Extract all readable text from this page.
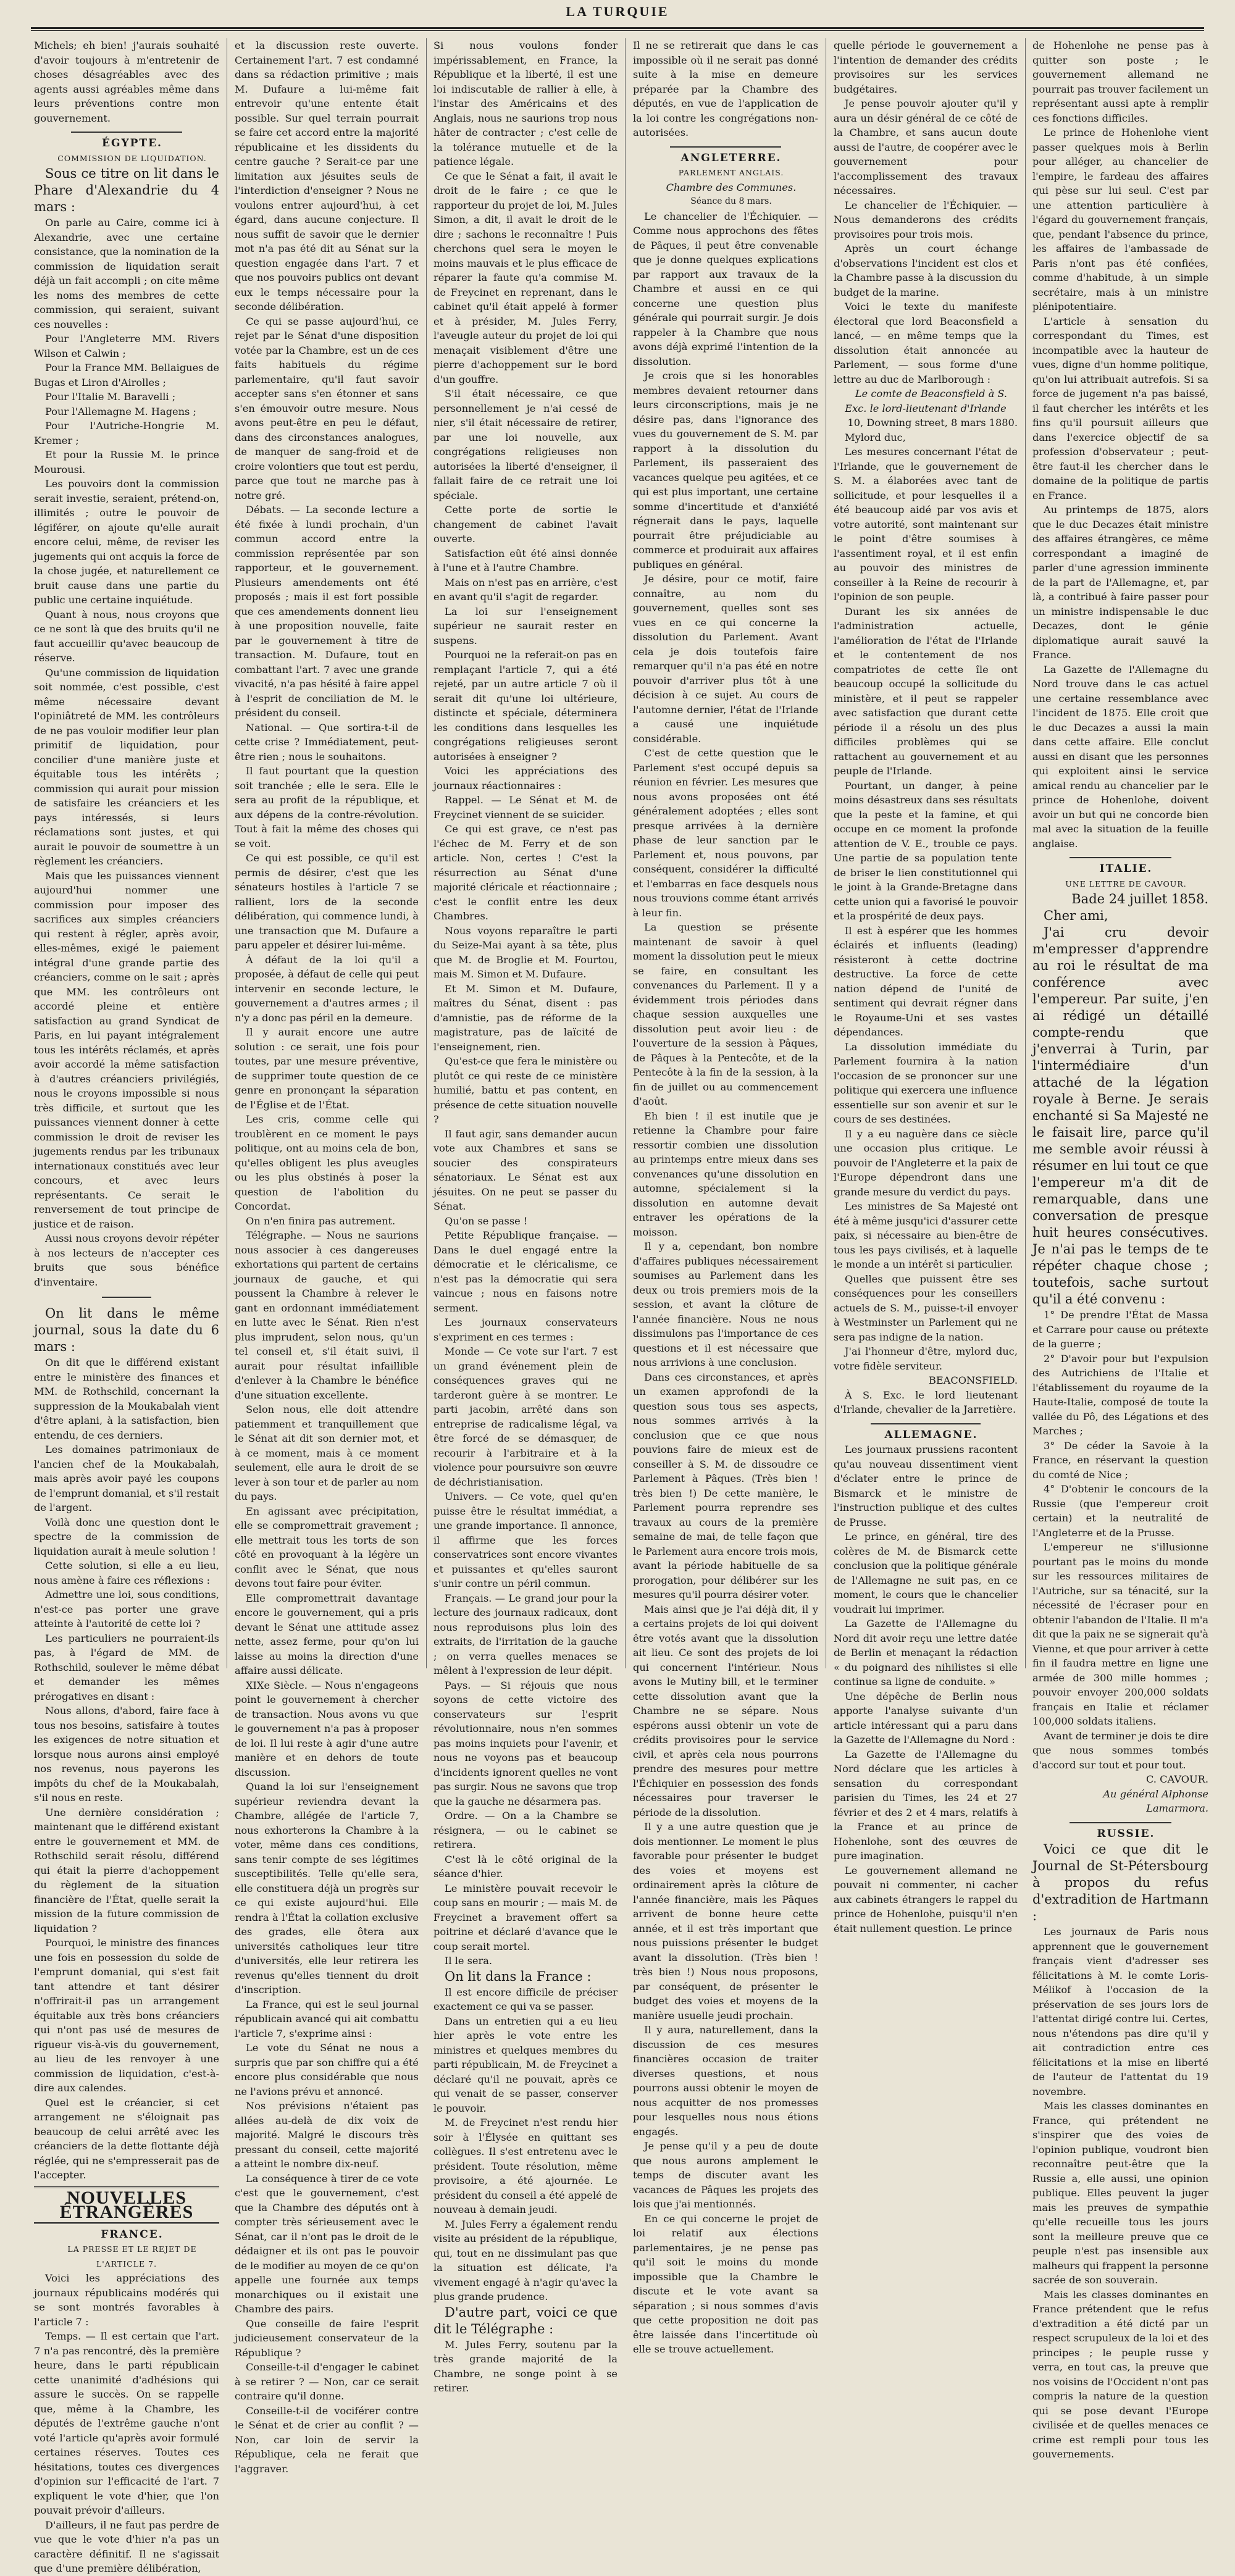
LA TURQUIE

Michels; eh bien! j'aurais souhaité d'avoir toujours à m'entretenir de choses désagréables avec des agents aussi agréables même dans leurs préventions contre mon gouvernement.

ÉGYPTE.

COMMISSION DE LIQUIDATION.

Sous ce titre on lit dans le Phare d'Alexandrie du 4 mars :

On parle au Caire, comme ici à Alexandrie, avec une certaine consistance, que la nomination de la commission de liquidation serait déjà un fait accompli ; on cite même les noms des membres de cette commission, qui seraient, suivant ces nouvelles :

Pour l'Angleterre MM. Rivers Wilson et Calwin ;

Pour la France MM. Bellaigues de Bugas et Liron d'Airolles ;

Pour l'Italie M. Baravelli ;

Pour l'Allemagne M. Hagens ;

Pour l'Autriche-Hongrie M. Kremer ;

Et pour la Russie M. le prince Mourousi.

Les pouvoirs dont la commission serait investie, seraient, prétend-on, illimités ; outre le pouvoir de légiférer, on ajoute qu'elle aurait encore celui, même, de reviser les jugements qui ont acquis la force de la chose jugée, et naturellement ce bruit cause dans une partie du public une certaine inquiétude.

Quant à nous, nous croyons que ce ne sont là que des bruits qu'il ne faut accueillir qu'avec beaucoup de réserve.

Qu'une commission de liquidation soit nommée, c'est possible, c'est même nécessaire devant l'opiniâtreté de MM. les contrôleurs de ne pas vouloir modifier leur plan primitif de liquidation, pour concilier d'une manière juste et équitable tous les intérêts ; commission qui aurait pour mission de satisfaire les créanciers et les pays intéressés, si leurs réclamations sont justes, et qui aurait le pouvoir de soumettre à un règlement les créanciers.

Mais que les puissances viennent aujourd'hui nommer une commission pour imposer des sacrifices aux simples créanciers qui restent à régler, après avoir, elles-mêmes, exigé le paiement intégral d'une grande partie des créanciers, comme on le sait ; après que MM. les contrôleurs ont accordé pleine et entière satisfaction au grand Syndicat de Paris, en lui payant intégralement tous les intérêts réclamés, et après avoir accordé la même satisfaction à d'autres créanciers privilégiés, nous le croyons impossible si nous très difficile, et surtout que les puissances viennent donner à cette commission le droit de reviser les jugements rendus par les tribunaux internationaux constitués avec leur concours, et avec leurs représentants. Ce serait le renversement de tout principe de justice et de raison.

Aussi nous croyons devoir répéter à nos lecteurs de n'accepter ces bruits que sous bénéfice d'inventaire.

On lit dans le même journal, sous la date du 6 mars :

On dit que le différend existant entre le ministère des finances et MM. de Rothschild, concernant la suppression de la Moukabalah vient d'être aplani, à la satisfaction, bien entendu, de ces derniers.

Les domaines patrimoniaux de l'ancien chef de la Moukabalah, mais après avoir payé les coupons de l'emprunt domanial, et s'il restait de l'argent.

Voilà donc une question dont le spectre de la commission de liquidation aurait à meule solution !

Cette solution, si elle a eu lieu, nous amène à faire ces réflexions :

Admettre une loi, sous conditions, n'est-ce pas porter une grave atteinte à l'autorité de cette loi ?

Les particuliers ne pourraient-ils pas, à l'égard de MM. de Rothschild, soulever le même débat et demander les mêmes prérogatives en disant :

Nous allons, d'abord, faire face à tous nos besoins, satisfaire à toutes les exigences de notre situation et lorsque nous aurons ainsi employé nos revenus, nous payerons les impôts du chef de la Moukabalah, s'il nous en reste.

Une dernière considération ; maintenant que le différend existant entre le gouvernement et MM. de Rothschild serait résolu, différend qui était la pierre d'achoppement du règlement de la situation financière de l'État, quelle serait la mission de la future commission de liquidation ?

Pourquoi, le ministre des finances une fois en possession du solde de l'emprunt domanial, qui s'est fait tant attendre et tant désirer n'offrirait-il pas un arrangement équitable aux très bons créanciers qui n'ont pas usé de mesures de rigueur vis-à-vis du gouvernement, au lieu de les renvoyer à une commission de liquidation, c'est-à-dire aux calendes.

Quel est le créancier, si cet arrangement ne s'éloignait pas beaucoup de celui arrêté avec les créanciers de la dette flottante déjà réglée, qui ne s'empresserait pas de l'accepter.

NOUVELLES ÉTRANGÈRES

FRANCE.

LA PRESSE ET LE REJET DE L'ARTICLE 7.

Voici les appréciations des journaux républicains modérés qui se sont montrés favorables à l'article 7 :

Temps. — Il est certain que l'art. 7 n'a pas rencontré, dès la première heure, dans le parti républicain cette unanimité d'adhésions qui assure le succès. On se rappelle que, même à la Chambre, les députés de l'extrême gauche n'ont voté l'article qu'après avoir formulé certaines réserves. Toutes ces hésitations, toutes ces divergences d'opinion sur l'efficacité de l'art. 7 expliquent le vote d'hier, que l'on pouvait prévoir d'ailleurs.

D'ailleurs, il ne faut pas perdre de vue que le vote d'hier n'a pas un caractère définitif. Il ne s'agissait que d'une première délibération,

et la discussion reste ouverte. Certainement l'art. 7 est condamné dans sa rédaction primitive ; mais M. Dufaure a lui-même fait entrevoir qu'une entente était possible. Sur quel terrain pourrait se faire cet accord entre la majorité républicaine et les dissidents du centre gauche ? Serait-ce par une limitation aux jésuites seuls de l'interdiction d'enseigner ? Nous ne voulons entrer aujourd'hui, à cet égard, dans aucune conjecture. Il nous suffit de savoir que le dernier mot n'a pas été dit au Sénat sur la question engagée dans l'art. 7 et que nos pouvoirs publics ont devant eux le temps nécessaire pour la seconde délibération.

Ce qui se passe aujourd'hui, ce rejet par le Sénat d'une disposition votée par la Chambre, est un de ces faits habituels du régime parlementaire, qu'il faut savoir accepter sans s'en étonner et sans s'en émouvoir outre mesure. Nous avons peut-être en peu le défaut, dans des circonstances analogues, de manquer de sang-froid et de croire volontiers que tout est perdu, parce que tout ne marche pas à notre gré.

Débats. — La seconde lecture a été fixée à lundi prochain, d'un commun accord entre la commission représentée par son rapporteur, et le gouvernement. Plusieurs amendements ont été proposés ; mais il est fort possible que ces amendements donnent lieu à une proposition nouvelle, faite par le gouvernement à titre de transaction. M. Dufaure, tout en combattant l'art. 7 avec une grande vivacité, n'a pas hésité à faire appel à l'esprit de conciliation de M. le président du conseil.

National. — Que sortira-t-il de cette crise ? Immédiatement, peut-être rien ; nous le souhaitons.

Il faut pourtant que la question soit tranchée ; elle le sera. Elle le sera au profit de la république, et aux dépens de la contre-révolution. Tout à fait la même des choses qui se voit.

Ce qui est possible, ce qu'il est permis de désirer, c'est que les sénateurs hostiles à l'article 7 se rallient, lors de la seconde délibération, qui commence lundi, à une transaction que M. Dufaure a paru appeler et désirer lui-même.

À défaut de la loi qu'il a proposée, à défaut de celle qui peut intervenir en seconde lecture, le gouvernement a d'autres armes ; il n'y a donc pas péril en la demeure.

Il y aurait encore une autre solution : ce serait, une fois pour toutes, par une mesure préventive, de supprimer toute question de ce genre en prononçant la séparation de l'Église et de l'État.

Les cris, comme celle qui troublèrent en ce moment le pays politique, ont au moins cela de bon, qu'elles obligent les plus aveugles ou les plus obstinés à poser la question de l'abolition du Concordat.

On n'en finira pas autrement.

Télégraphe. — Nous ne saurions nous associer à ces dangereuses exhortations qui partent de certains journaux de gauche, et qui poussent la Chambre à relever le gant en ordonnant immédiatement en lutte avec le Sénat. Rien n'est plus imprudent, selon nous, qu'un tel conseil et, s'il était suivi, il aurait pour résultat infaillible d'enlever à la Chambre le bénéfice d'une situation excellente.

Selon nous, elle doit attendre patiemment et tranquillement que le Sénat ait dit son dernier mot, et à ce moment, mais à ce moment seulement, elle aura le droit de se lever à son tour et de parler au nom du pays.

En agissant avec précipitation, elle se compromettrait gravement ; elle mettrait tous les torts de son côté en provoquant à la légère un conflit avec le Sénat, que nous devons tout faire pour éviter.

Elle compromettrait davantage encore le gouvernement, qui a pris devant le Sénat une attitude assez nette, assez ferme, pour qu'on lui laisse au moins la direction d'une affaire aussi délicate.

XIXe Siècle. — Nous n'engageons point le gouvernement à chercher de transaction. Nous avons vu que le gouvernement n'a pas à proposer de loi. Il lui reste à agir d'une autre manière et en dehors de toute discussion.

Quand la loi sur l'enseignement supérieur reviendra devant la Chambre, allégée de l'article 7, nous exhorterons la Chambre à la voter, même dans ces conditions, sans tenir compte de ses légitimes susceptibilités. Telle qu'elle sera, elle constituera déjà un progrès sur ce qui existe aujourd'hui. Elle rendra à l'État la collation exclusive des grades, elle ôtera aux universités catholiques leur titre d'universités, elle leur retirera les revenus qu'elles tiennent du droit d'inscription.

La France, qui est le seul journal républicain avancé qui ait combattu l'article 7, s'exprime ainsi :

Le vote du Sénat ne nous a surpris que par son chiffre qui a été encore plus considérable que nous ne l'avions prévu et annoncé.

Nos prévisions n'étaient pas allées au-delà de dix voix de majorité. Malgré le discours très pressant du conseil, cette majorité a atteint le nombre dix-neuf.

La conséquence à tirer de ce vote c'est que le gouvernement, c'est que la Chambre des députés ont à compter très sérieusement avec le Sénat, car il n'ont pas le droit de le dédaigner et ils ont pas le pouvoir de le modifier au moyen de ce qu'on appelle une fournée aux temps monarchiques ou il existait une Chambre des pairs.

Que conseille de faire l'esprit judicieusement conservateur de la République ?

Conseille-t-il d'engager le cabinet à se retirer ? — Non, car ce serait contraire qu'il donne.

Conseille-t-il de vociférer contre le Sénat et de crier au conflit ? — Non, car loin de servir la République, cela ne ferait que l'aggraver.

Si nous voulons fonder impérissablement, en France, la République et la liberté, il est une loi indiscutable de rallier à elle, à l'instar des Américains et des Anglais, nous ne saurions trop nous hâter de contracter ; c'est celle de la tolérance mutuelle et de la patience légale.

Ce que le Sénat a fait, il avait le droit de le faire ; ce que le rapporteur du projet de loi, M. Jules Simon, a dit, il avait le droit de le dire ; sachons le reconnaître ! Puis cherchons quel sera le moyen le moins mauvais et le plus efficace de réparer la faute qu'a commise M. de Freycinet en reprenant, dans le cabinet qu'il était appelé à former et à présider, M. Jules Ferry, l'aveugle auteur du projet de loi qui menaçait visiblement d'être une pierre d'achoppement sur le bord d'un gouffre.

S'il était nécessaire, ce que personnellement je n'ai cessé de nier, s'il était nécessaire de retirer, par une loi nouvelle, aux congrégations religieuses non autorisées la liberté d'enseigner, il fallait faire de ce retrait une loi spéciale.

Cette porte de sortie le changement de cabinet l'avait ouverte.

Satisfaction eût été ainsi donnée à l'une et à l'autre Chambre.

Mais on n'est pas en arrière, c'est en avant qu'il s'agit de regarder.

La loi sur l'enseignement supérieur ne saurait rester en suspens.

Pourquoi ne la referait-on pas en remplaçant l'article 7, qui a été rejeté, par un autre article 7 où il serait dit qu'une loi ultérieure, distincte et spéciale, déterminera les conditions dans lesquelles les congrégations religieuses seront autorisées à enseigner ?

Voici les appréciations des journaux réactionnaires :

Rappel. — Le Sénat et M. de Freycinet viennent de se suicider.

Ce qui est grave, ce n'est pas l'échec de M. Ferry et de son article. Non, certes ! C'est la résurrection au Sénat d'une majorité cléricale et réactionnaire ; c'est le conflit entre les deux Chambres.

Nous voyons reparaître le parti du Seize-Mai ayant à sa tête, plus que M. de Broglie et M. Fourtou, mais M. Simon et M. Dufaure.

Et M. Simon et M. Dufaure, maîtres du Sénat, disent : pas d'amnistie, pas de réforme de la magistrature, pas de laïcité de l'enseignement, rien.

Qu'est-ce que fera le ministère ou plutôt ce qui reste de ce ministère humilié, battu et pas content, en présence de cette situation nouvelle ?

Il faut agir, sans demander aucun vote aux Chambres et sans se soucier des conspirateurs sénatoriaux. Le Sénat est aux jésuites. On ne peut se passer du Sénat.

Qu'on se passe !

Petite République française. — Dans le duel engagé entre la démocratie et le cléricalisme, ce n'est pas la démocratie qui sera vaincue ; nous en faisons notre serment.

Les journaux conservateurs s'expriment en ces termes :

Monde — Ce vote sur l'art. 7 est un grand événement plein de conséquences graves qui ne tarderont guère à se montrer. Le parti jacobin, arrêté dans son entreprise de radicalisme légal, va être forcé de se démasquer, de recourir à l'arbitraire et à la violence pour poursuivre son œuvre de déchristianisation.

Univers. — Ce vote, quel qu'en puisse être le résultat immédiat, a une grande importance. Il annonce, il affirme que les forces conservatrices sont encore vivantes et puissantes et qu'elles sauront s'unir contre un péril commun.

Français. — Le grand jour pour la lecture des journaux radicaux, dont nous reproduisons plus loin des extraits, de l'irritation de la gauche ; on verra quelles menaces se mêlent à l'expression de leur dépit.

Pays. — Si réjouis que nous soyons de cette victoire des conservateurs sur l'esprit révolutionnaire, nous n'en sommes pas moins inquiets pour l'avenir, et nous ne voyons pas et beaucoup d'incidents ignorent quelles ne vont pas surgir. Nous ne savons que trop que la gauche ne désarmera pas.

Ordre. — On a la Chambre se résignera, — ou le cabinet se retirera.

C'est là le côté original de la séance d'hier.

Le ministère pouvait recevoir le coup sans en mourir ; — mais M. de Freycinet a bravement offert sa poitrine et déclaré d'avance que le coup serait mortel.

Il le sera.

On lit dans la France :

Il est encore difficile de préciser exactement ce qui va se passer.

Dans un entretien qui a eu lieu hier après le vote entre les ministres et quelques membres du parti républicain, M. de Freycinet a déclaré qu'il ne pouvait, après ce qui venait de se passer, conserver le pouvoir.

M. de Freycinet n'est rendu hier soir à l'Élysée en quittant ses collègues. Il s'est entretenu avec le président. Toute résolution, même provisoire, a été ajournée. Le président du conseil a été appelé de nouveau à demain jeudi.

M. Jules Ferry a également rendu visite au président de la république, qui, tout en ne dissimulant pas que la situation est délicate, l'a vivement engagé à n'agir qu'avec la plus grande prudence.

D'autre part, voici ce que dit le Télégraphe :

M. Jules Ferry, soutenu par la très grande majorité de la Chambre, ne songe point à se retirer.

Il ne se retirerait que dans le cas impossible où il ne serait pas donné suite à la mise en demeure préparée par la Chambre des députés, en vue de l'application de la loi contre les congrégations non-autorisées.

ANGLETERRE.

PARLEMENT ANGLAIS.

Chambre des Communes.

Séance du 8 mars.

Le chancelier de l'Échiquier. — Comme nous approchons des fêtes de Pâques, il peut être convenable que je donne quelques explications par rapport aux travaux de la Chambre et aussi en ce qui concerne une question plus générale qui pourrait surgir. Je dois rappeler à la Chambre que nous avons déjà exprimé l'intention de la dissolution.

Je crois que si les honorables membres devaient retourner dans leurs circonscriptions, mais je ne désire pas, dans l'ignorance des vues du gouvernement de S. M. par rapport à la dissolution du Parlement, ils passeraient des vacances quelque peu agitées, et ce qui est plus important, une certaine somme d'incertitude et d'anxiété régnerait dans le pays, laquelle pourrait être préjudiciable au commerce et produirait aux affaires publiques en général.

Je désire, pour ce motif, faire connaître, au nom du gouvernement, quelles sont ses vues en ce qui concerne la dissolution du Parlement. Avant cela je dois toutefois faire remarquer qu'il n'a pas été en notre pouvoir d'arriver plus tôt à une décision à ce sujet. Au cours de l'automne dernier, l'état de l'Irlande a causé une inquiétude considérable.

C'est de cette question que le Parlement s'est occupé depuis sa réunion en février. Les mesures que nous avons proposées ont été généralement adoptées ; elles sont presque arrivées à la dernière phase de leur sanction par le Parlement et, nous pouvons, par conséquent, considérer la difficulté et l'embarras en face desquels nous nous trouvions comme étant arrivés à leur fin.

La question se présente maintenant de savoir à quel moment la dissolution peut le mieux se faire, en consultant les convenances du Parlement. Il y a évidemment trois périodes dans chaque session auxquelles une dissolution peut avoir lieu : de l'ouverture de la session à Pâques, de Pâques à la Pentecôte, et de la Pentecôte à la fin de la session, à la fin de juillet ou au commencement d'août.

Eh bien ! il est inutile que je retienne la Chambre pour faire ressortir combien une dissolution au printemps entre mieux dans ses convenances qu'une dissolution en automne, spécialement si la dissolution en automne devait entraver les opérations de la moisson.

Il y a, cependant, bon nombre d'affaires publiques nécessairement soumises au Parlement dans les deux ou trois premiers mois de la session, et avant la clôture de l'année financière. Nous ne nous dissimulons pas l'importance de ces questions et il est nécessaire que nous arrivions à une conclusion.

Dans ces circonstances, et après un examen approfondi de la question sous tous ses aspects, nous sommes arrivés à la conclusion que ce que nous pouvions faire de mieux est de conseiller à S. M. de dissoudre ce Parlement à Pâques. (Très bien ! très bien !) De cette manière, le Parlement pourra reprendre ses travaux au cours de la première semaine de mai, de telle façon que le Parlement aura encore trois mois, avant la période habituelle de sa prorogation, pour délibérer sur les mesures qu'il pourra désirer voter.

Mais ainsi que je l'ai déjà dit, il y a certains projets de loi qui doivent être votés avant que la dissolution ait lieu. Ce sont des projets de loi qui concernent l'intérieur. Nous avons le Mutiny bill, et le terminer cette dissolution avant que la Chambre ne se sépare. Nous espérons aussi obtenir un vote de crédits provisoires pour le service civil, et après cela nous pourrons prendre des mesures pour mettre l'Échiquier en possession des fonds nécessaires pour traverser le période de la dissolution.

Il y a une autre question que je dois mentionner. Le moment le plus favorable pour présenter le budget des voies et moyens est ordinairement après la clôture de l'année financière, mais les Pâques arrivent de bonne heure cette année, et il est très important que nous puissions présenter le budget avant la dissolution. (Très bien ! très bien !) Nous nous proposons, par conséquent, de présenter le budget des voies et moyens de la manière usuelle jeudi prochain.

Il y aura, naturellement, dans la discussion de ces mesures financières occasion de traiter diverses questions, et nous pourrons aussi obtenir le moyen de nous acquitter de nos promesses pour lesquelles nous nous étions engagés.

Je pense qu'il y a peu de doute que nous aurons amplement le temps de discuter avant les vacances de Pâques les projets des lois que j'ai mentionnés.

En ce qui concerne le projet de loi relatif aux élections parlementaires, je ne pense pas qu'il soit le moins du monde impossible que la Chambre le discute et le vote avant sa séparation ; si nous sommes d'avis que cette proposition ne doit pas être laissée dans l'incertitude où elle se trouve actuellement.

quelle période le gouvernement a l'intention de demander des crédits provisoires sur les services budgétaires.

Je pense pouvoir ajouter qu'il y aura un désir général de ce côté de la Chambre, et sans aucun doute aussi de l'autre, de coopérer avec le gouvernement pour l'accomplissement des travaux nécessaires.

Le chancelier de l'Échiquier. — Nous demanderons des crédits provisoires pour trois mois.

Après un court échange d'observations l'incident est clos et la Chambre passe à la discussion du budget de la marine.

Voici le texte du manifeste électoral que lord Beaconsfield a lancé, — en même temps que la dissolution était annoncée au Parlement, — sous forme d'une lettre au duc de Marlborough :

Le comte de Beaconsfield à S. Exc. le lord-lieutenant d'Irlande

10, Downing street, 8 mars 1880.

Mylord duc,

Les mesures concernant l'état de l'Irlande, que le gouvernement de S. M. a élaborées avec tant de sollicitude, et pour lesquelles il a été beaucoup aidé par vos avis et votre autorité, sont maintenant sur le point d'être soumises à l'assentiment royal, et il est enfin au pouvoir des ministres de conseiller à la Reine de recourir à l'opinion de son peuple.

Durant les six années de l'administration actuelle, l'amélioration de l'état de l'Irlande et le contentement de nos compatriotes de cette île ont beaucoup occupé la sollicitude du ministère, et il peut se rappeler avec satisfaction que durant cette période il a résolu un des plus difficiles problèmes qui se rattachent au gouvernement et au peuple de l'Irlande.

Pourtant, un danger, à peine moins désastreux dans ses résultats que la peste et la famine, et qui occupe en ce moment la profonde attention de V. E., trouble ce pays. Une partie de sa population tente de briser le lien constitutionnel qui le joint à la Grande-Bretagne dans cette union qui a favorisé le pouvoir et la prospérité de deux pays.

Il est à espérer que les hommes éclairés et influents (leading) résisteront à cette doctrine destructive. La force de cette nation dépend de l'unité de sentiment qui devrait régner dans le Royaume-Uni et ses vastes dépendances.

La dissolution immédiate du Parlement fournira à la nation l'occasion de se prononcer sur une politique qui exercera une influence essentielle sur son avenir et sur le cours de ses destinées.

Il y a eu naguère dans ce siècle une occasion plus critique. Le pouvoir de l'Angleterre et la paix de l'Europe dépendront dans une grande mesure du verdict du pays.

Les ministres de Sa Majesté ont été à même jusqu'ici d'assurer cette paix, si nécessaire au bien-être de tous les pays civilisés, et à laquelle le monde a un intérêt si particulier.

Quelles que puissent être ses conséquences pour les conseillers actuels de S. M., puisse-t-il envoyer à Westminster un Parlement qui ne sera pas indigne de la nation.

J'ai l'honneur d'être, mylord duc, votre fidèle serviteur.

BEACONSFIELD.

À S. Exc. le lord lieutenant d'Irlande, chevalier de la Jarretière.

ALLEMAGNE.

Les journaux prussiens racontent qu'au nouveau dissentiment vient d'éclater entre le prince de Bismarck et le ministre de l'instruction publique et des cultes de Prusse.

Le prince, en général, tire des colères de M. de Bismarck cette conclusion que la politique générale de l'Allemagne ne suit pas, en ce moment, le cours que le chancelier voudrait lui imprimer.

La Gazette de l'Allemagne du Nord dit avoir reçu une lettre datée de Berlin et menaçant la rédaction « du poignard des nihilistes si elle continue sa ligne de conduite. »

Une dépêche de Berlin nous apporte l'analyse suivante d'un article intéressant qui a paru dans la Gazette de l'Allemagne du Nord :

La Gazette de l'Allemagne du Nord déclare que les articles à sensation du correspondant parisien du Times, les 24 et 27 février et des 2 et 4 mars, relatifs à la France et au prince de Hohenlohe, sont des œuvres de pure imagination.

Le gouvernement allemand ne pouvait ni commenter, ni cacher aux cabinets étrangers le rappel du prince de Hohenlohe, puisqu'il n'en était nullement question. Le prince

de Hohenlohe ne pense pas à quitter son poste ; le gouvernement allemand ne pourrait pas trouver facilement un représentant aussi apte à remplir ces fonctions difficiles.

Le prince de Hohenlohe vient passer quelques mois à Berlin pour alléger, au chancelier de l'empire, le fardeau des affaires qui pèse sur lui seul. C'est par une attention particulière à l'égard du gouvernement français, que, pendant l'absence du prince, les affaires de l'ambassade de Paris n'ont pas été confiées, comme d'habitude, à un simple secrétaire, mais à un ministre plénipotentiaire.

L'article à sensation du correspondant du Times, est incompatible avec la hauteur de vues, digne d'un homme politique, qu'on lui attribuait autrefois. Si sa force de jugement n'a pas baissé, il faut chercher les intérêts et les fins qu'il poursuit ailleurs que dans l'exercice objectif de sa profession d'observateur ; peut-être faut-il les chercher dans le domaine de la politique de partis en France.

Au printemps de 1875, alors que le duc Decazes était ministre des affaires étrangères, ce même correspondant a imaginé de parler d'une agression imminente de la part de l'Allemagne, et, par là, a contribué à faire passer pour un ministre indispensable le duc Decazes, dont le génie diplomatique aurait sauvé la France.

La Gazette de l'Allemagne du Nord trouve dans le cas actuel une certaine ressemblance avec l'incident de 1875. Elle croit que le duc Decazes a aussi la main dans cette affaire. Elle conclut aussi en disant que les personnes qui exploitent ainsi le service amical rendu au chancelier par le prince de Hohenlohe, doivent avoir un but qui ne concorde bien mal avec la situation de la feuille anglaise.

ITALIE.

UNE LETTRE DE CAVOUR.

Bade 24 juillet 1858.

Cher ami,

J'ai cru devoir m'empresser d'apprendre au roi le résultat de ma conférence avec l'empereur. Par suite, j'en ai rédigé un détaillé compte-rendu que j'enverrai à Turin, par l'intermédiaire d'un attaché de la légation royale à Berne. Je serais enchanté si Sa Majesté ne le faisait lire, parce qu'il me semble avoir réussi à résumer en lui tout ce que l'empereur m'a dit de remarquable, dans une conversation de presque huit heures consécutives. Je n'ai pas le temps de te répéter chaque chose ; toutefois, sache surtout qu'il a été convenu :

1° De prendre l'État de Massa et Carrare pour cause ou prétexte de la guerre ;

2° D'avoir pour but l'expulsion des Autrichiens de l'Italie et l'établissement du royaume de la Haute-Italie, composé de toute la vallée du Pô, des Légations et des Marches ;

3° De céder la Savoie à la France, en réservant la question du comté de Nice ;

4° D'obtenir le concours de la Russie (que l'empereur croit certain) et la neutralité de l'Angleterre et de la Prusse.

L'empereur ne s'illusionne pourtant pas le moins du monde sur les ressources militaires de l'Autriche, sur sa ténacité, sur la nécessité de l'écraser pour en obtenir l'abandon de l'Italie. Il m'a dit que la paix ne se signerait qu'à Vienne, et que pour arriver à cette fin il faudra mettre en ligne une armée de 300 mille hommes ; pouvoir envoyer 200,000 soldats français en Italie et réclamer 100,000 soldats italiens.

Avant de terminer je dois te dire que nous sommes tombés d'accord sur tout et pour tout.

C. CAVOUR.

Au général Alphonse Lamarmora.

RUSSIE.

Voici ce que dit le Journal de St-Pétersbourg à propos du refus d'extradition de Hartmann :

Les journaux de Paris nous apprennent que le gouvernement français vient d'adresser ses félicitations à M. le comte Loris-Mélikof à l'occasion de la préservation de ses jours lors de l'attentat dirigé contre lui. Certes, nous n'étendons pas dire qu'il y ait contradiction entre ces félicitations et la mise en liberté de l'auteur de l'attentat du 19 novembre.

Mais les classes dominantes en France, qui prétendent ne s'inspirer que des voies de l'opinion publique, voudront bien reconnaître peut-être que la Russie a, elle aussi, une opinion publique. Elles peuvent la juger mais les preuves de sympathie qu'elle recueille tous les jours sont la meilleure preuve que ce peuple n'est pas insensible aux malheurs qui frappent la personne sacrée de son souverain.

Mais les classes dominantes en France prétendent que le refus d'extradition a été dicté par un respect scrupuleux de la loi et des principes ; le peuple russe y verra, en tout cas, la preuve que nos voisins de l'Occident n'ont pas compris la nature de la question qui se pose devant l'Europe civilisée et de quelles menaces ce crime est rempli pour tous les gouvernements.
